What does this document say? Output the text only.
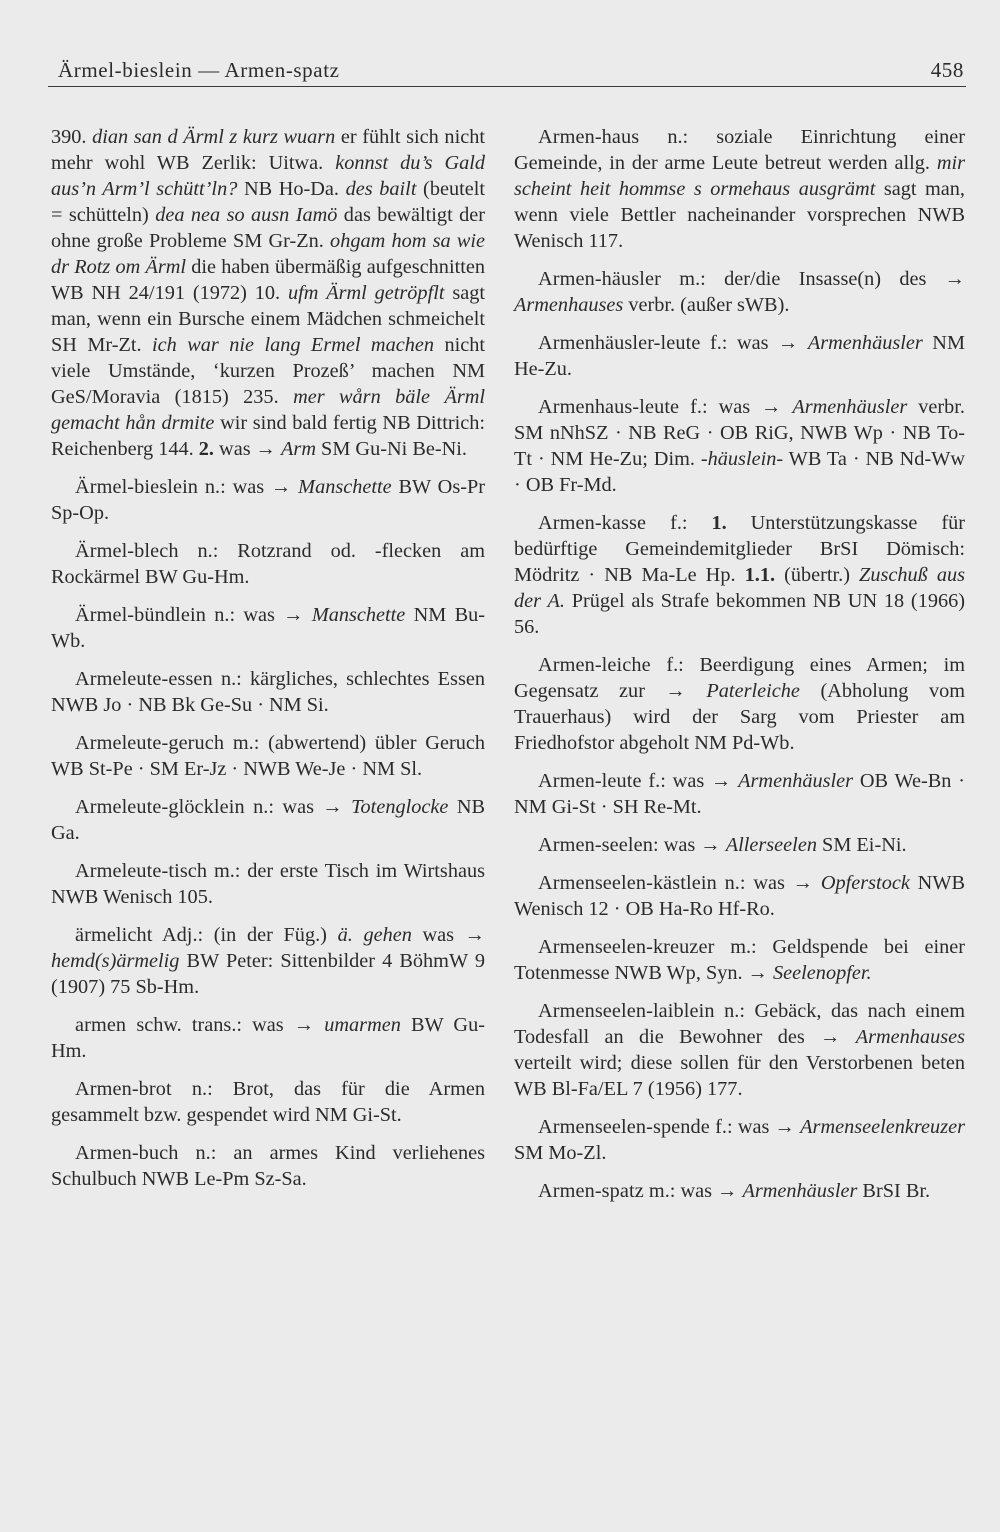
Ärmel-bieslein — Armen-spatz	458

390. dian san d Ärml z kurz wuarn er fühlt sich nicht mehr wohl WB Zerlik: Uitwa. konnst du’s Gald aus’n Arm’l schütt’ln? NB Ho-Da. des bailt (beutelt = schütteln) dea nea so ausn Iamö das bewältigt der ohne große Probleme SM Gr-Zn. ohgam hom sa wie dr Rotz om Ärml die haben übermäßig aufgeschnitten WB NH 24/191 (1972) 10. ufm Ärml getröpflt sagt man, wenn ein Bursche einem Mädchen schmeichelt SH Mr-Zt. ich war nie lang Ermel machen nicht viele Umstände, ‘kurzen Prozeß’ machen NM GeS/Moravia (1815) 235. mer wårn bäle Ärml gemacht hån drmite wir sind bald fertig NB Dittrich: Reichenberg 144. 2. was → Arm SM Gu-Ni Be-Ni.

Ärmel-bieslein n.: was → Manschette BW Os-Pr Sp-Op.

Ärmel-blech n.: Rotzrand od. -flecken am Rockärmel BW Gu-Hm.

Ärmel-bündlein n.: was → Manschette NM Bu-Wb.

Armeleute-essen n.: kärgliches, schlechtes Essen NWB Jo · NB Bk Ge-Su · NM Si.

Armeleute-geruch m.: (abwertend) übler Geruch WB St-Pe · SM Er-Jz · NWB We-Je · NM Sl.

Armeleute-glöcklein n.: was → Totenglocke NB Ga.

Armeleute-tisch m.: der erste Tisch im Wirtshaus NWB Wenisch 105.

ärmelicht Adj.: (in der Füg.) ä. gehen was → hemd(s)ärmelig BW Peter: Sittenbilder 4 BöhmW 9 (1907) 75 Sb-Hm.

armen schw. trans.: was → umarmen BW Gu-Hm.

Armen-brot n.: Brot, das für die Armen gesammelt bzw. gespendet wird NM Gi-St.

Armen-buch n.: an armes Kind verliehenes Schulbuch NWB Le-Pm Sz-Sa.

Armen-haus n.: soziale Einrichtung einer Gemeinde, in der arme Leute betreut werden allg. mir scheint heit hommse s ormehaus ausgrämt sagt man, wenn viele Bettler nacheinander vorsprechen NWB Wenisch 117.

Armen-häusler m.: der/die Insasse(n) des → Armenhauses verbr. (außer sWB).

Armenhäusler-leute f.: was → Armenhäusler NM He-Zu.

Armenhaus-leute f.: was → Armenhäusler verbr. SM nNhSZ · NB ReG · OB RiG, NWB Wp · NB To-Tt · NM He-Zu; Dim. -häuslein- WB Ta · NB Nd-Ww · OB Fr-Md.

Armen-kasse f.: 1. Unterstützungskasse für bedürftige Gemeindemitglieder BrSI Dömisch: Mödritz · NB Ma-Le Hp. 1.1. (übertr.) Zuschuß aus der A. Prügel als Strafe bekommen NB UN 18 (1966) 56.

Armen-leiche f.: Beerdigung eines Armen; im Gegensatz zur → Paterleiche (Abholung vom Trauerhaus) wird der Sarg vom Priester am Friedhofstor abgeholt NM Pd-Wb.

Armen-leute f.: was → Armenhäusler OB We-Bn · NM Gi-St · SH Re-Mt.

Armen-seelen: was → Allerseelen SM Ei-Ni.

Armenseelen-kästlein n.: was → Opferstock NWB Wenisch 12 · OB Ha-Ro Hf-Ro.

Armenseelen-kreuzer m.: Geldspende bei einer Totenmesse NWB Wp, Syn. → Seelenopfer.

Armenseelen-laiblein n.: Gebäck, das nach einem Todesfall an die Bewohner des → Armenhauses verteilt wird; diese sollen für den Verstorbenen beten WB Bl-Fa/EL 7 (1956) 177.

Armenseelen-spende f.: was → Armenseelenkreuzer SM Mo-Zl.

Armen-spatz m.: was → Armenhäusler BrSI Br.
